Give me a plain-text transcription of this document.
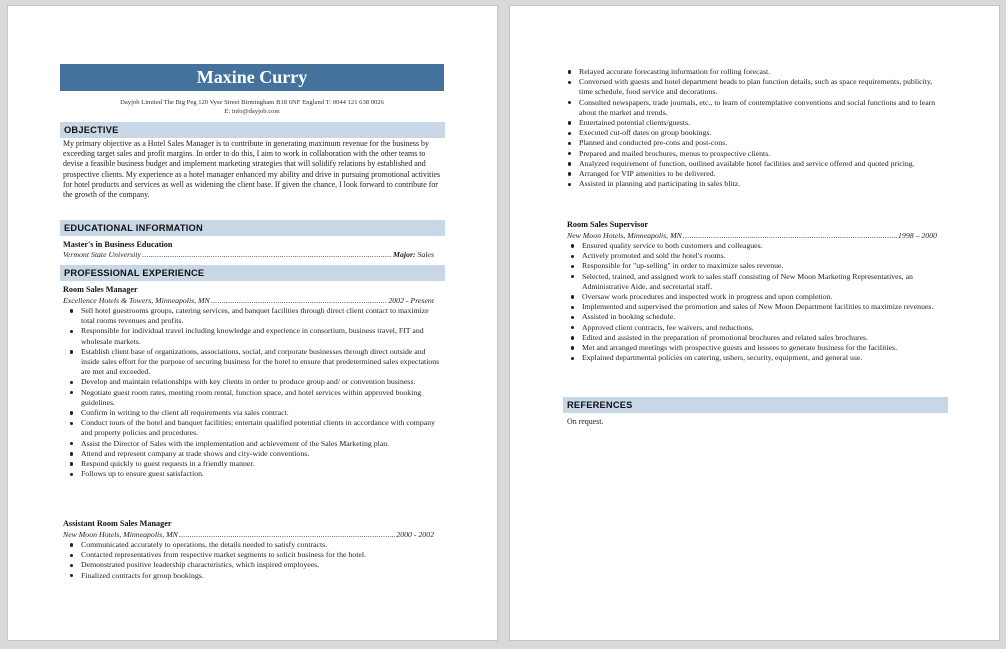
Maxine Curry
Dayjob Limited The Big Peg 120 Vyse Street Birmingham B18 6NF England T: 0044 121 638 0026
E: info@dayjob.com
OBJECTIVE
My primary objective as a Hotel Sales Manager is to contribute in generating maximum revenue for the business by exceeding target sales and profit margins. In order to do this, I aim to work in collaboration with the other teams to devise a feasible business budget and implement marketing strategies that will solidify relations by established and prospective clients. My experience as a hotel manager enhanced my ability and drive in pursuing promotional activities for hotel products and services as well as widening the client base. If given the chance, I look forward to contribute for the growth of the company.
EDUCATIONAL INFORMATION
Master's in Business Education
Vermont State University .....	Major: Sales
PROFESSIONAL EXPERIENCE
Room Sales Manager
Excellence Hotels & Towers, Minneapolis, MN .....	2002 - Present
Sell hotel guestrooms groups, catering services, and banquet facilities through direct client contact to maximize total rooms revenues and profits.
Responsible for individual travel including knowledge and experience in consortium, business travel, FIT and wholesale markets.
Establish client base of organizations, associations, social, and corporate businesses through direct outside and inside sales effort for the purpose of securing business for the hotel to ensure that predetermined sales expectations are met and exceeded.
Develop and maintain relationships with key clients in order to produce group and/ or convention business.
Negotiate guest room rates, meeting room rental, function space, and hotel services within approved booking guidelines.
Confirm in writing to the client all requirements via sales contract.
Conduct tours of the hotel and banquet facilities; entertain qualified potential clients in accordance with company and property policies and procedures.
Assist the Director of Sales with the implementation and achievement of the Sales Marketing plan.
Attend and represent company at trade shows and city-wide conventions.
Respond quickly to guest requests in a friendly manner.
Follows up to ensure guest satisfaction.
Assistant Room Sales Manager
New Moon Hotels, Minneapolis, MN .....	2000 - 2002
Communicated accurately to operations, the details needed to satisfy contracts.
Contacted representatives from respective market segments to solicit business for the hotel.
Demonstrated positive leadership characteristics, which inspired employees.
Finalized contracts for group bookings.
Relayed accurate forecasting information for rolling forecast.
Conversed with guests and hotel department heads to plan function details, such as space requirements, publicity, time schedule, food service and decorations.
Consulted newspapers, trade journals, etc., to learn of contemplative conventions and social functions and to learn about the market and trends.
Entertained potential clients/guests.
Executed cut-off dates on group bookings.
Planned and conducted pre-cons and post-cons.
Prepared and mailed brochures, menus to prospective clients.
Analyzed requirement of function, outlined available hotel facilities and service offered and quoted pricing.
Arranged for VIP amenities to be delivered.
Assisted in planning and participating in sales blitz.
Room Sales Supervisor
New Moon Hotels, Minneapolis, MN .....	1998 – 2000
Ensured quality service to both customers and colleagues.
Actively promoted and sold the hotel's rooms.
Responsible for "up-selling" in order to maximize sales revenue.
Selected, trained, and assigned work to sales staff consisting of New Moon Marketing Representatives, an Administrative Aide, and secretarial staff.
Oversaw work procedures and inspected work in progress and upon completion.
Implemented and supervised the promotion and sales of New Moon Department facilities to maximize revenues.
Assisted in booking schedule.
Approved client contracts, fee waivers, and reductions.
Edited and assisted in the preparation of promotional brochures and related sales brochures.
Met and arranged meetings with prospective guests and lessees to generate business for the facilities.
Explained departmental policies on catering, ushers, security, equipment, and general use.
REFERENCES
On request.
